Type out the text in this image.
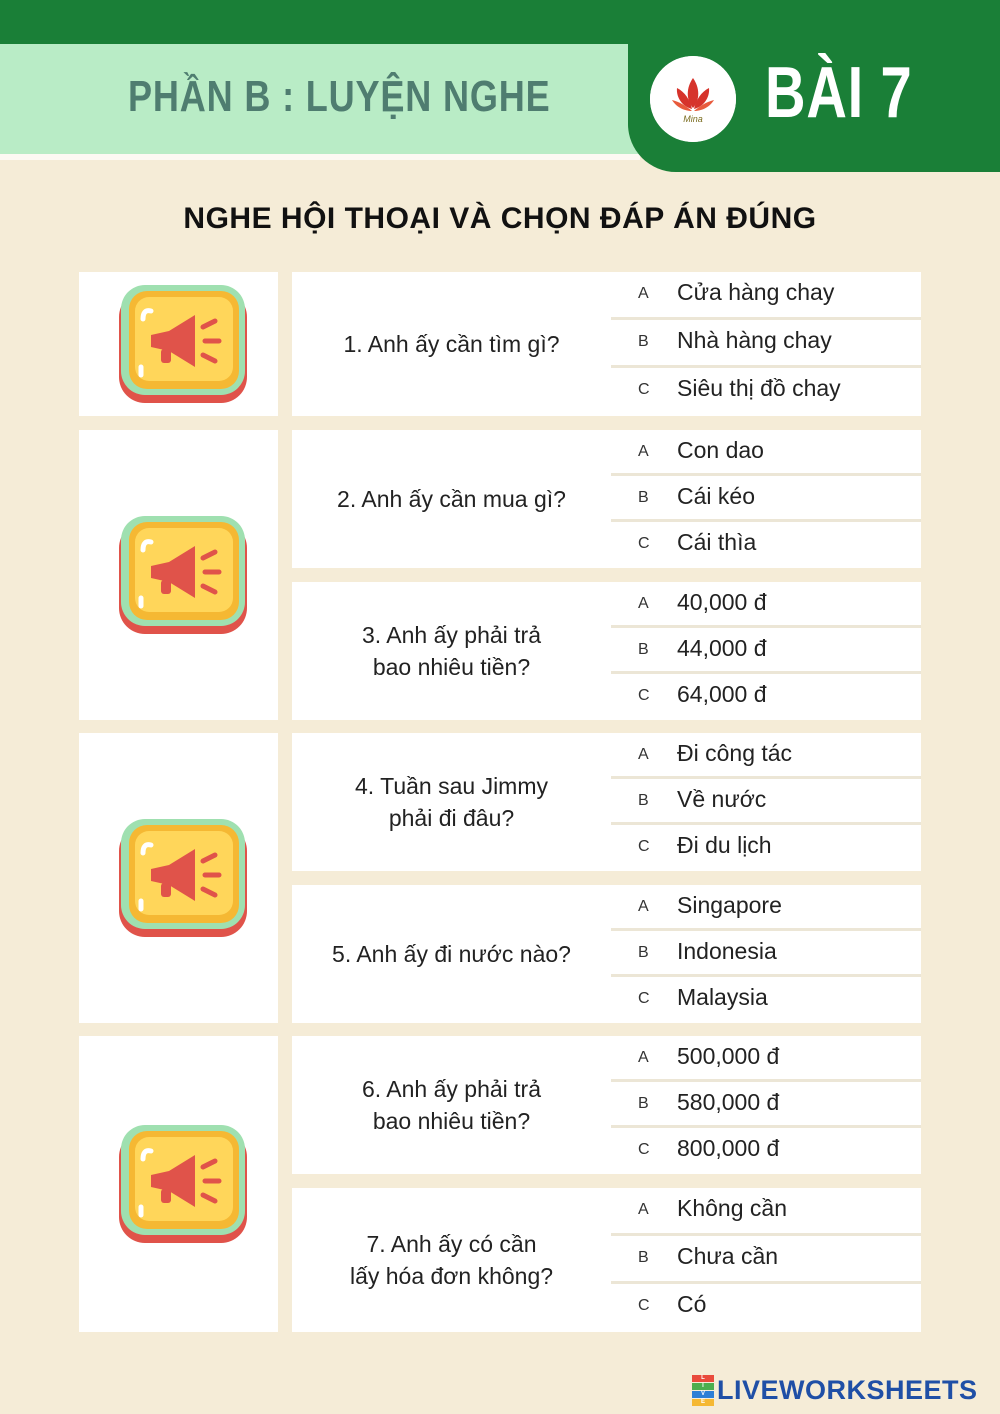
PHẦN B : LUYỆN NGHE	Mina BÀI 7
NGHE HỘI THOẠI VÀ CHỌN ĐÁP ÁN ĐÚNG
1. Anh ấy cần tìm gì?
A Cửa hàng chay
B Nhà hàng chay
C Siêu thị đồ chay
2. Anh ấy cần mua gì?
A Con dao
B Cái kéo
C Cái thìa
3. Anh ấy phải trả
bao nhiêu tiền?
A 40,000 đ
B 44,000 đ
C 64,000 đ
4. Tuần sau Jimmy
phải đi đâu?
A Đi công tác
B Về nước
C Đi du lịch
5. Anh ấy đi nước nào?
A Singapore
B Indonesia
C Malaysia
6. Anh ấy phải trả
bao nhiêu tiền?
A 500,000 đ
B 580,000 đ
C 800,000 đ
7. Anh ấy có cần
lấy hóa đơn không?
A Không cần
B Chưa cần
C Có
L
I
V
E LIVEWORKSHEETS
